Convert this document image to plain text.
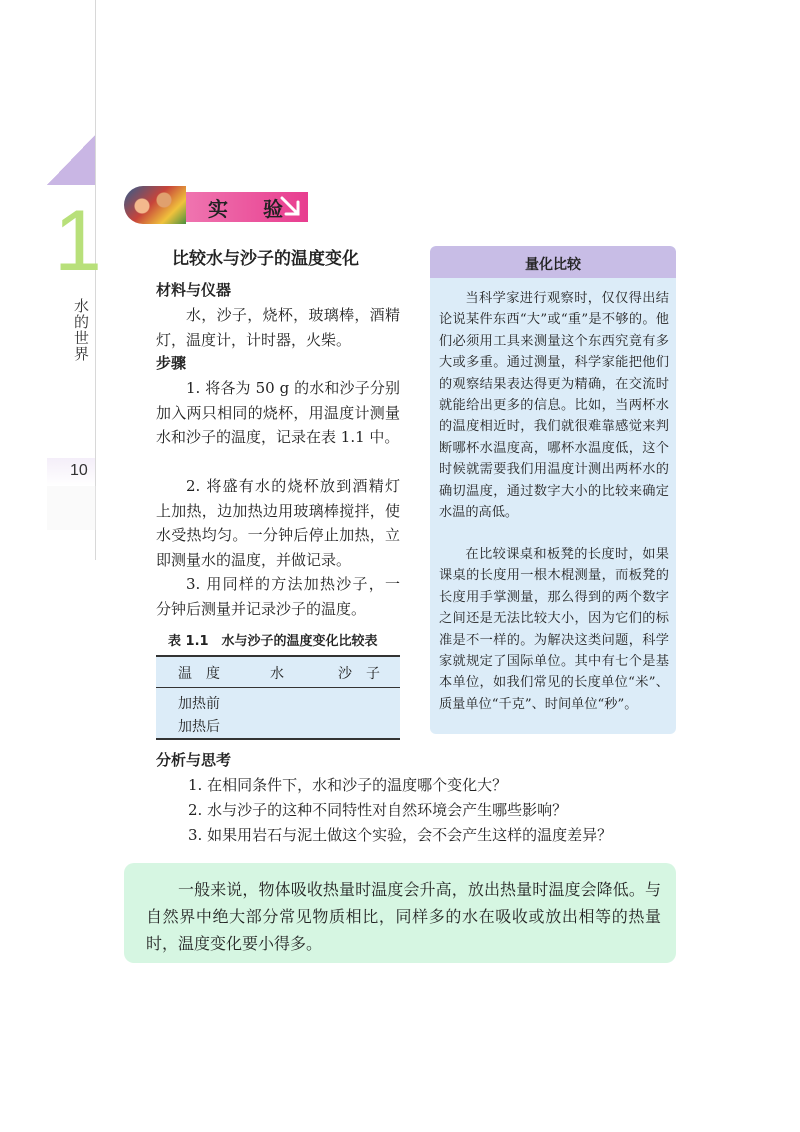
1
水的世界
10
实 验
比较水与沙子的温度变化
材料与仪器
水，沙子，烧杯，玻璃棒，酒精灯，温度计，计时器，火柴。
步骤
1. 将各为 50 g 的水和沙子分别加入两只相同的烧杯，用温度计测量水和沙子的温度，记录在表 1.1 中。
2. 将盛有水的烧杯放到酒精灯上加热，边加热边用玻璃棒搅拌，使水受热均匀。一分钟后停止加热，立即测量水的温度，并做记录。
3. 用同样的方法加热沙子，一分钟后测量并记录沙子的温度。
表 1.1　水与沙子的温度变化比较表
温　度	水	沙　子
加热前
加热后
量化比较
当科学家进行观察时，仅仅得出结论说某件东西“大”或“重”是不够的。他们必须用工具来测量这个东西究竟有多大或多重。通过测量，科学家能把他们的观察结果表达得更为精确，在交流时就能给出更多的信息。比如，当两杯水的温度相近时，我们就很难靠感觉来判断哪杯水温度高，哪杯水温度低，这个时候就需要我们用温度计测出两杯水的确切温度，通过数字大小的比较来确定水温的高低。
在比较课桌和板凳的长度时，如果课桌的长度用一根木棍测量，而板凳的长度用手掌测量，那么得到的两个数字之间还是无法比较大小，因为它们的标准是不一样的。为解决这类问题，科学家就规定了国际单位。其中有七个是基本单位，如我们常见的长度单位“米”、质量单位“千克”、时间单位“秒”。
分析与思考
1. 在相同条件下，水和沙子的温度哪个变化大？
2. 水与沙子的这种不同特性对自然环境会产生哪些影响？
3. 如果用岩石与泥土做这个实验，会不会产生这样的温度差异？
一般来说，物体吸收热量时温度会升高，放出热量时温度会降低。与自然界中绝大部分常见物质相比，同样多的水在吸收或放出相等的热量时，温度变化要小得多。
